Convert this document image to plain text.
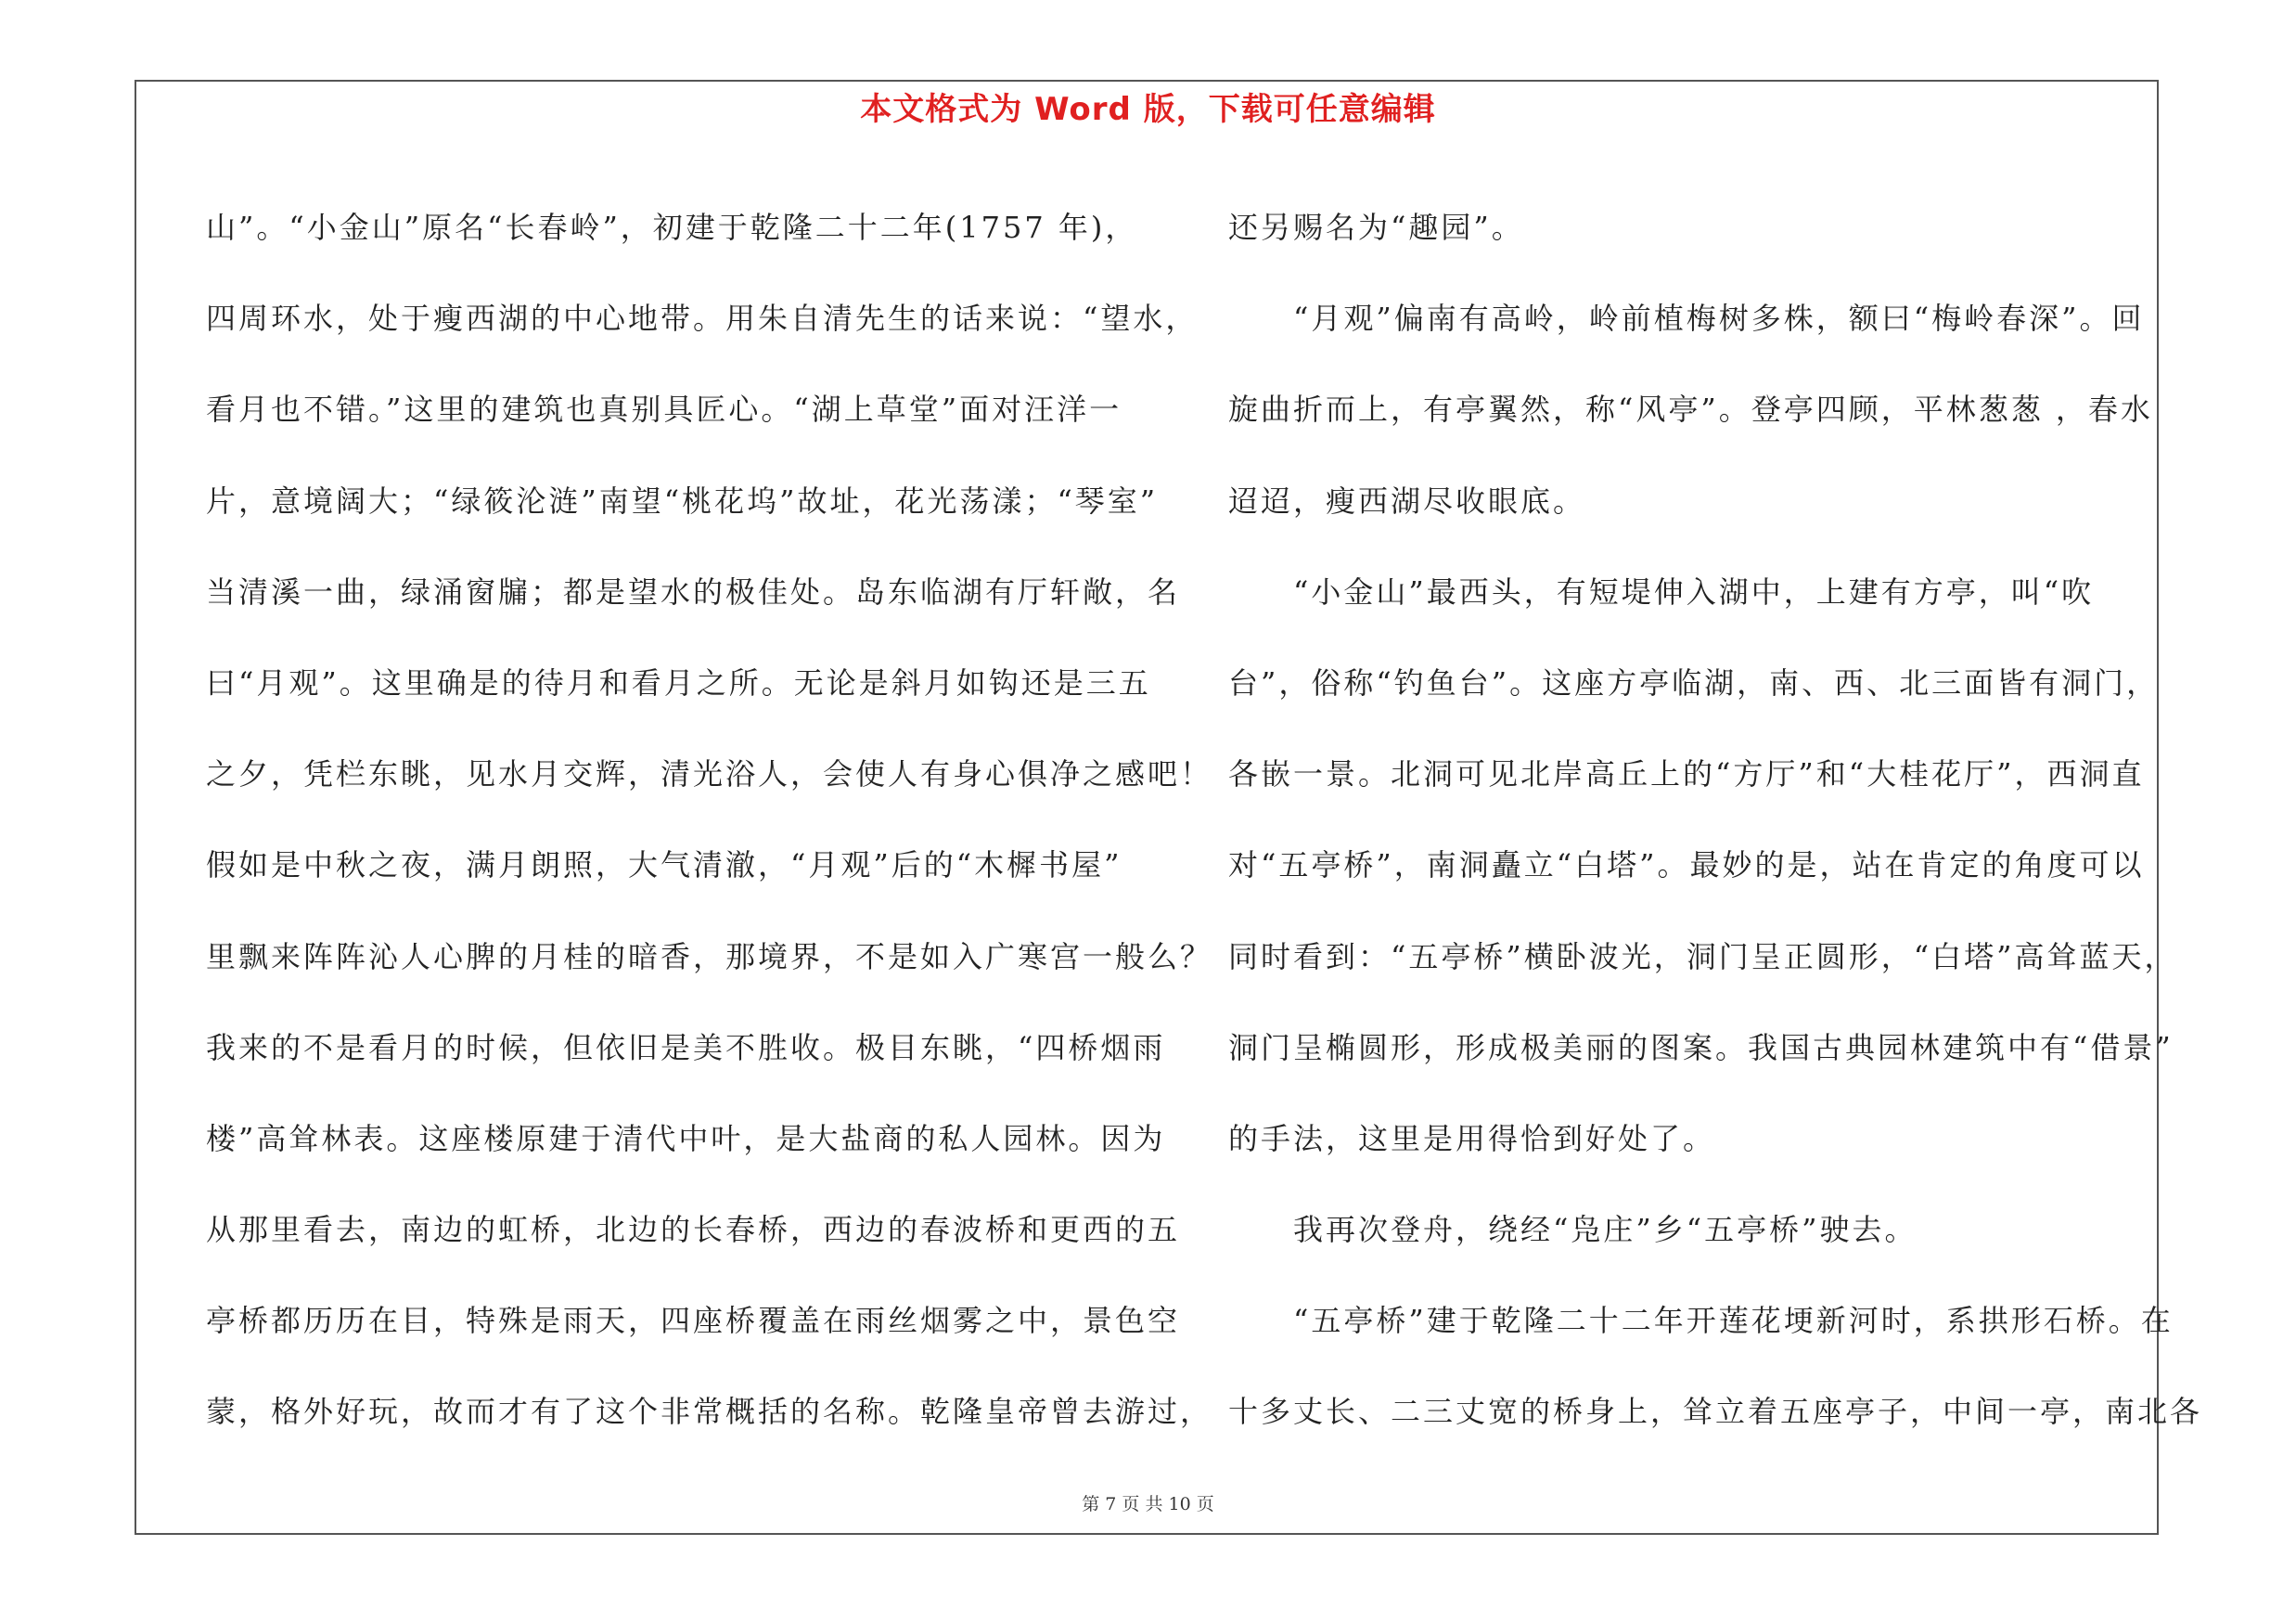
本文格式为 Word 版，下载可任意编辑
山”。“小金山”原名“长春岭”，初建于乾隆二十二年(1757 年)，
四周环水，处于瘦西湖的中心地带。用朱自清先生的话来说：“望水，
看月也不错。”这里的建筑也真别具匠心。“湖上草堂”面对汪洋一
片，意境阔大；“绿筱沦涟”南望“桃花坞”故址，花光荡漾；“琴室”
当清溪一曲，绿涌窗牖；都是望水的极佳处。岛东临湖有厅轩敞，名
曰“月观”。这里确是的待月和看月之所。无论是斜月如钩还是三五
之夕，凭栏东眺，见水月交辉，清光浴人，会使人有身心俱净之感吧！
假如是中秋之夜，满月朗照，大气清澈，“月观”后的“木樨书屋”
里飘来阵阵沁人心脾的月桂的暗香，那境界，不是如入广寒宫一般么？
我来的不是看月的时候，但依旧是美不胜收。极目东眺，“四桥烟雨
楼”高耸林表。这座楼原建于清代中叶，是大盐商的私人园林。因为
从那里看去，南边的虹桥，北边的长春桥，西边的春波桥和更西的五
亭桥都历历在目，特殊是雨天，四座桥覆盖在雨丝烟雾之中，景色空
蒙，格外好玩，故而才有了这个非常概括的名称。乾隆皇帝曾去游过，
还另赐名为“趣园”。
　　“月观”偏南有高岭，岭前植梅树多株，额曰“梅岭春深”。回
旋曲折而上，有亭翼然，称“风亭”。登亭四顾，平林葱葱 ，春水
迢迢，瘦西湖尽收眼底。
　　“小金山”最西头，有短堤伸入湖中，上建有方亭，叫“吹
台”，俗称“钓鱼台”。这座方亭临湖，南、西、北三面皆有洞门，
各嵌一景。北洞可见北岸高丘上的“方厅”和“大桂花厅”，西洞直
对“五亭桥”，南洞矗立“白塔”。最妙的是，站在肯定的角度可以
同时看到：“五亭桥”横卧波光，洞门呈正圆形，“白塔”高耸蓝天，
洞门呈椭圆形，形成极美丽的图案。我国古典园林建筑中有“借景”
的手法，这里是用得恰到好处了。
　　我再次登舟，绕经“凫庄”乡“五亭桥”驶去。
　　“五亭桥”建于乾隆二十二年开莲花埂新河时，系拱形石桥。在
十多丈长、二三丈宽的桥身上，耸立着五座亭子，中间一亭，南北各
第 7 页 共 10 页
